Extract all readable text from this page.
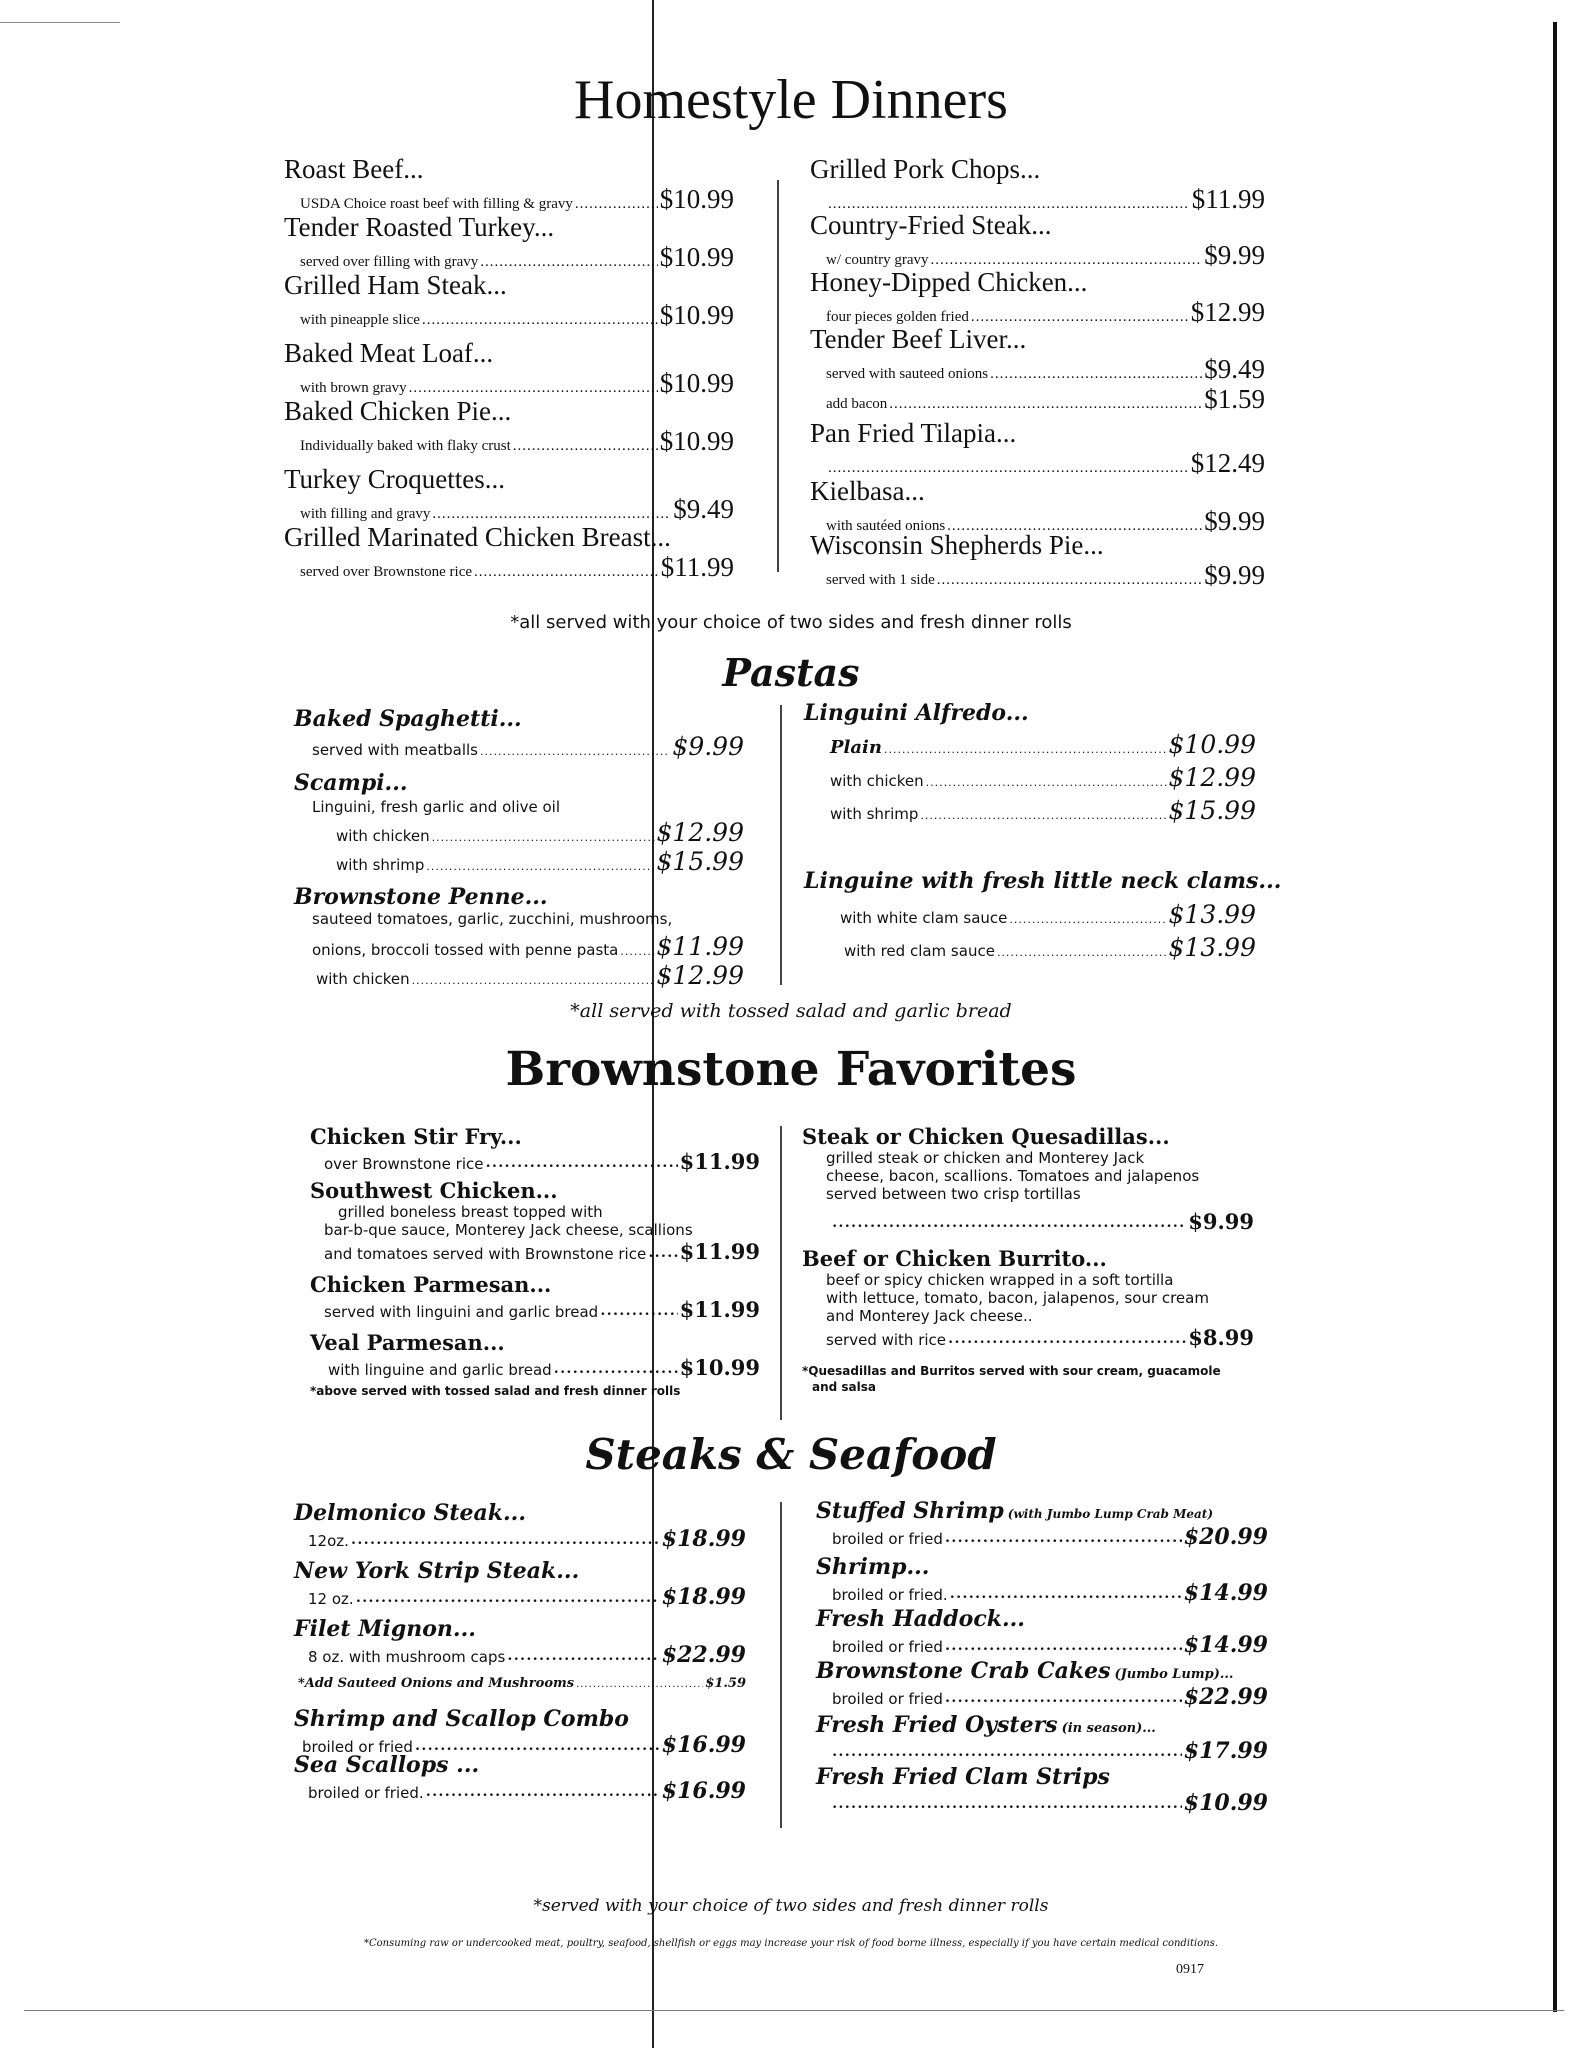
Homestyle Dinners
Roast Beef...
USDA Choice roast beef with filling & gravy .....	$10.99
Tender Roasted Turkey...
served over filling with gravy .....	$10.99
Grilled Ham Steak...
with pineapple slice .....	$10.99
Baked Meat Loaf...
with brown gravy .....	$10.99
Baked Chicken Pie...
Individually baked with flaky crust .....	$10.99
Turkey Croquettes...
with filling and gravy .....	$9.49
Grilled Marinated Chicken Breast...
served over Brownstone rice .....	$11.99
Grilled Pork Chops...
.....
$11.99
Country-Fried Steak...
w/ country gravy .....	$9.99
Honey-Dipped Chicken...
four pieces golden fried .....	$12.99
Tender Beef Liver...
served with sauteed onions .....	$9.49
add bacon .....	$1.59
Pan Fried Tilapia...
.....
$12.49
Kielbasa...
with sautéed onions .....	$9.99
Wisconsin Shepherds Pie...
served with 1 side .....	$9.99
*all served with your choice of two sides and fresh dinner rolls
Pastas
Baked Spaghetti...
served with meatballs .....	$9.99
Scampi...
Linguini, fresh garlic and olive oil
with chicken .....	$12.99
with shrimp .....	$15.99
Brownstone Penne...
sauteed tomatoes, garlic, zucchini, mushrooms,
onions, broccoli tossed with penne pasta ..... $11.99
with chicken .....	$12.99
Linguini Alfredo...
Plain .....	$10.99
with chicken .....	$12.99
with shrimp .....	$15.99
Linguine with fresh little neck clams...
with white clam sauce .....	$13.99
with red clam sauce .....	$13.99
*all served with tossed salad and garlic bread
Brownstone Favorites
Chicken Stir Fry...
over Brownstone rice •••••	$11.99
Southwest Chicken...
grilled boneless breast topped with
bar-b-que sauce, Monterey Jack cheese, scallions
and tomatoes served with Brownstone rice ••••• $11.99
Chicken Parmesan...
served with linguini and garlic bread •••••	$11.99
Veal Parmesan...
with linguine and garlic bread •••••	$10.99
*above served with tossed salad and fresh dinner rolls
Steak or Chicken Quesadillas...
grilled steak or chicken and Monterey Jack
cheese, bacon, scallions. Tomatoes and jalapenos
served between two crisp tortillas
•••••
$9.99
Beef or Chicken Burrito...
beef or spicy chicken wrapped in a soft tortilla
with lettuce, tomato, bacon, jalapenos, sour cream
and Monterey Jack cheese..
served with rice •••••	$8.99
*Quesadillas and Burritos served with sour cream, guacamole
and salsa
Steaks & Seafood
Delmonico Steak...
12oz. •••••	$18.99
New York Strip Steak...
12 oz. •••••	$18.99
Filet Mignon...
8 oz. with mushroom caps •••••	$22.99
*Add Sauteed Onions and Mushrooms .....	$1.59
Shrimp and Scallop Combo
broiled or fried •••••	$16.99
Sea Scallops ...
broiled or fried. •••••	$16.99
Stuffed Shrimp (with Jumbo Lump Crab Meat)
broiled or fried •••••	$20.99
Shrimp...
broiled or fried. •••••	$14.99
Fresh Haddock...
broiled or fried •••••	$14.99
Brownstone Crab Cakes (Jumbo Lump)...
broiled or fried •••••	$22.99
Fresh Fried Oysters (in season)...
•••••
$17.99
Fresh Fried Clam Strips
•••••
$10.99
*served with your choice of two sides and fresh dinner rolls
*Consuming raw or undercooked meat, poultry, seafood, shellfish or eggs may increase your risk of food borne illness, especially if you have certain medical conditions.
0917
